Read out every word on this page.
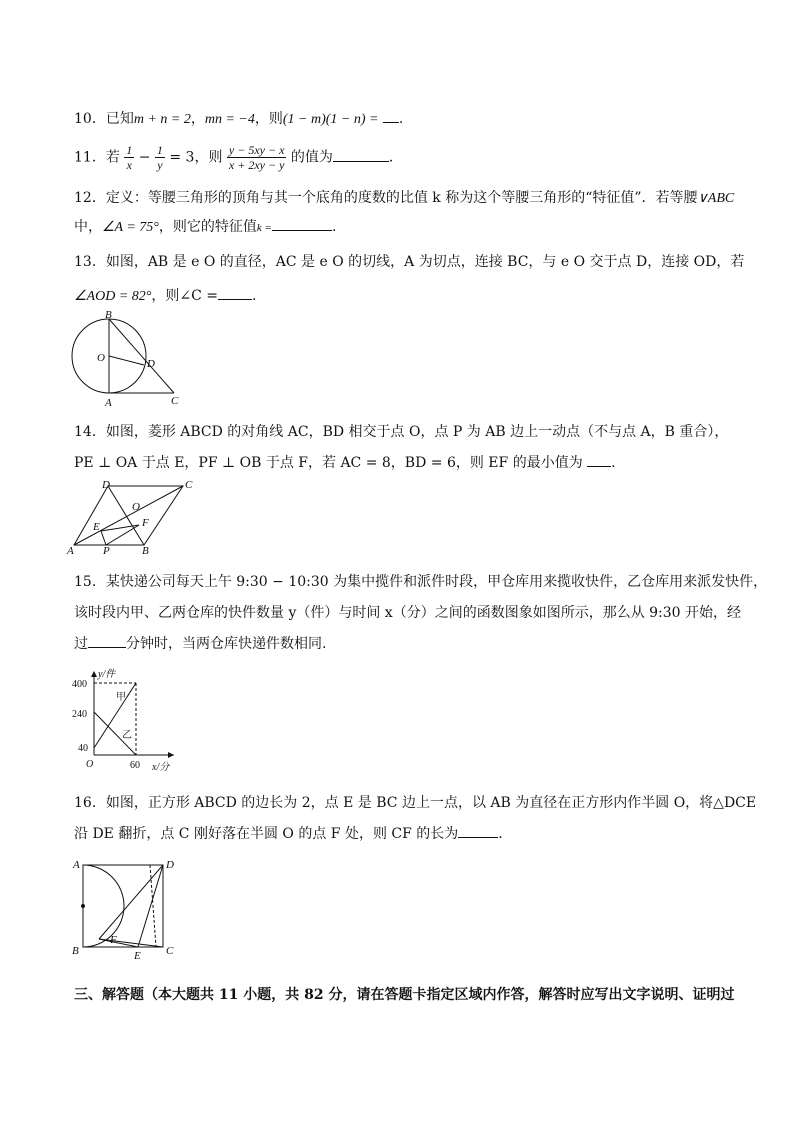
10．已知m + n = 2，mn = −4，则(1 − m)(1 − n) = .
11．若 $\frac{1}{x} - \frac{1}{y} = 3$，则 $\frac{y - 5xy - x}{x + 2xy - y}$ 的值为	.
12．定义：等腰三角形的顶角与其一个底角的度数的比值 k 称为这个等腰三角形的“特征值”．若等腰∨ABC
中，∠A = 75°，则它的特征值k =	.
13．如图，AB 是 e O 的直径，AC 是 e O 的切线，A 为切点，连接 BC，与 e O 交于点 D，连接 OD，若
∠AOD = 82°，则∠C = .
B
O	D
A	C
14．如图，菱形 ABCD 的对角线 AC，BD 相交于点 O，点 P 为 AB 边上一动点（不与点 A，B 重合），
PE ⊥ OA 于点 E，PF ⊥ OB 于点 F，若 AC = 8，BD = 6，则 EF 的最小值为 .
D	C
O
E	F
A	P	B
15．某快递公司每天上午 9:30 − 10:30 为集中揽件和派件时段，甲仓库用来揽收快件，乙仓库用来派发快件，
该时段内甲、乙两仓库的快件数量 y（件）与时间 x（分）之间的函数图象如图所示，那么从 9:30 开始，经
过	分钟时，当两仓库快递件数相同.
甲
乙
y/件
400
240
40
O	60 x/分
16．如图，正方形 ABCD 的边长为 2，点 E 是 BC 边上一点，以 AB 为直径在正方形内作半圆 O，将△DCE
沿 DE 翻折，点 C 刚好落在半圆 O 的点 F 处，则 CF 的长为	.
A	D
B
F
E C
三、解答题（本大题共 11 小题，共 82 分，请在答题卡指定区域内作答，解答时应写出文字说明、证明过
